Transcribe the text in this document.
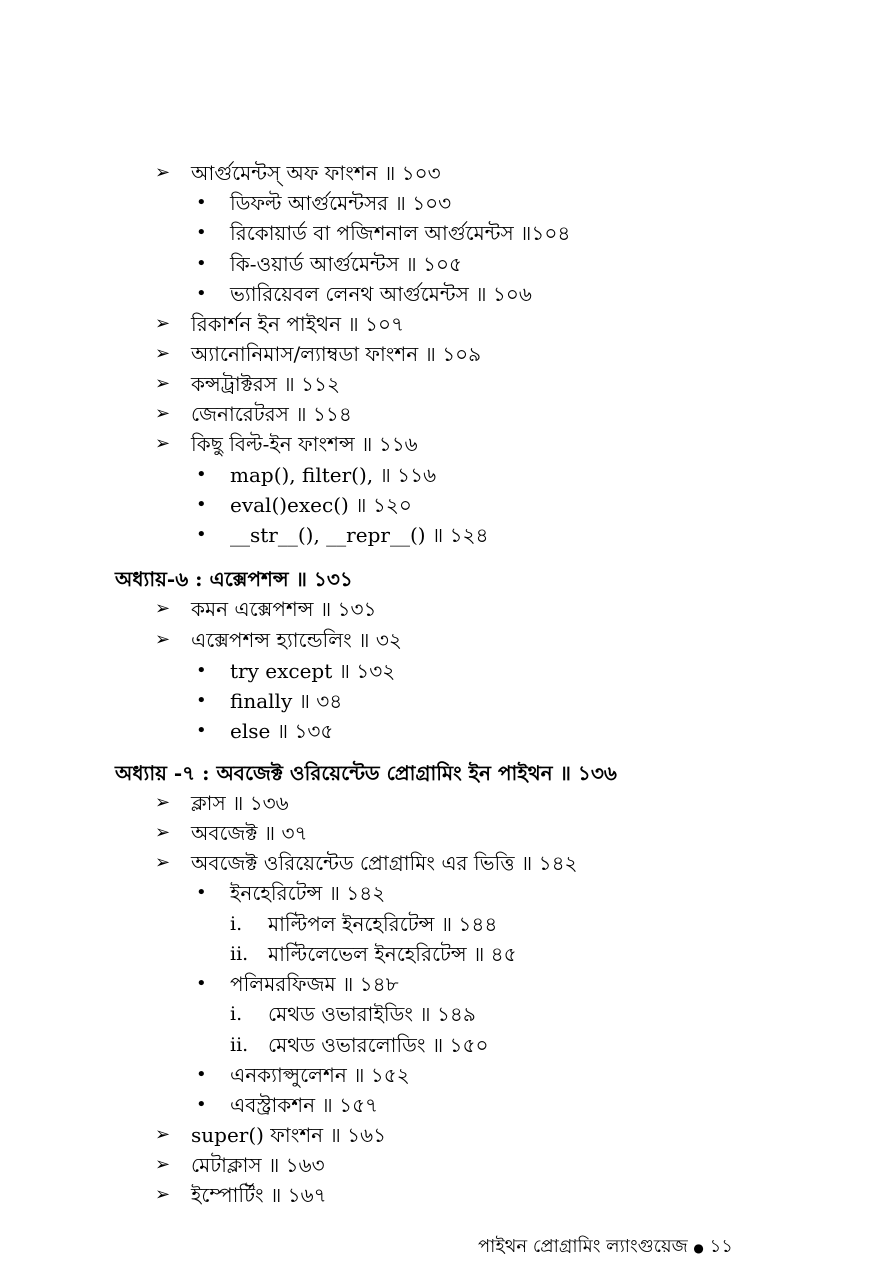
➢ আর্গুমেন্টস্‌ অফ ফাংশন ॥ ১০৩
• ডিফল্ট আর্গুমেন্টসর ॥ ১০৩
• রিকোয়ার্ড বা পজিশনাল আর্গুমেন্টস ॥১০৪
• কি-ওয়ার্ড আর্গুমেন্টস ॥ ১০৫
• ভ্যারিয়েবল লেনথ আর্গুমেন্টস ॥ ১০৬
➢ রিকার্শন ইন পাইথন ॥ ১০৭
➢ অ্যানোনিমাস/ল্যাম্বডা ফাংশন ॥ ১০৯
➢ কন্সট্রাক্টরস ॥ ১১২
➢ জেনারেটরস ॥ ১১৪
➢ কিছু বিল্ট-ইন ফাংশন্স ॥ ১১৬
• map(), filter(), ॥ ১১৬
• eval()exec() ॥ ১২০
• __str__(), __repr__() ॥ ১২৪
অধ্যায়-৬ : এক্সেপশন্স ॥ ১৩১
➢ কমন এক্সেপশন্স ॥ ১৩১
➢ এক্সেপশন্স হ্যান্ডেলিং ॥ ৩২
• try except ॥ ১৩২
• finally ॥ ৩৪
• else ॥ ১৩৫
অধ্যায় -৭ : অবজেক্ট ওরিয়েন্টেড প্রোগ্রামিং ইন পাইথন ॥ ১৩৬
➢ ক্লাস ॥ ১৩৬
➢ অবজেক্ট ॥ ৩৭
➢ অবজেক্ট ওরিয়েন্টেড প্রোগ্রামিং এর ভিত্তি ॥ ১৪২
• ইনহেরিটেন্স ॥ ১৪২
i. মাল্টিপল ইনহেরিটেন্স ॥ ১৪৪
ii. মাল্টিলেভেল ইনহেরিটেন্স ॥ ৪৫
• পলিমরফিজম ॥ ১৪৮
i. মেথড ওভারাইডিং ॥ ১৪৯
ii. মেথড ওভারলোডিং ॥ ১৫০
• এনক্যাপ্সুলেশন ॥ ১৫২
• এবস্ট্রাকশন ॥ ১৫৭
➢ super() ফাংশন ॥ ১৬১
➢ মেটাক্লাস ॥ ১৬৩
➢ ইম্পোর্টিং ॥ ১৬৭
পাইথন প্রোগ্রামিং ল্যাংগুয়েজ ● ১১
